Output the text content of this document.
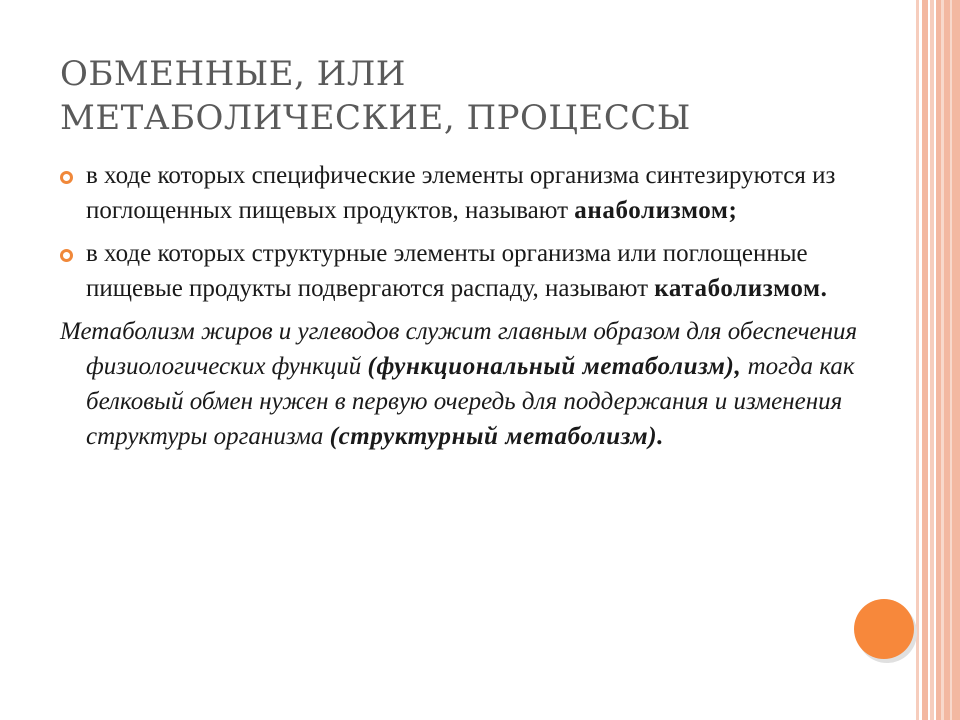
ОБМЕННЫЕ, ИЛИ
МЕТАБОЛИЧЕСКИЕ, ПРОЦЕССЫ
в ходе которых специфические элементы организма синтезируются из поглощенных пищевых продуктов, называют анаболизмом;
в ходе которых структурные элементы организма или поглощенные пищевые продукты подвергаются распаду, называют катаболизмом.
Метаболизм жиров и углеводов служит главным образом для обеспечения физиологических функций (функциональный метаболизм), тогда как белковый обмен нужен в первую очередь для поддержания и изменения структуры организма (структурный метаболизм).
